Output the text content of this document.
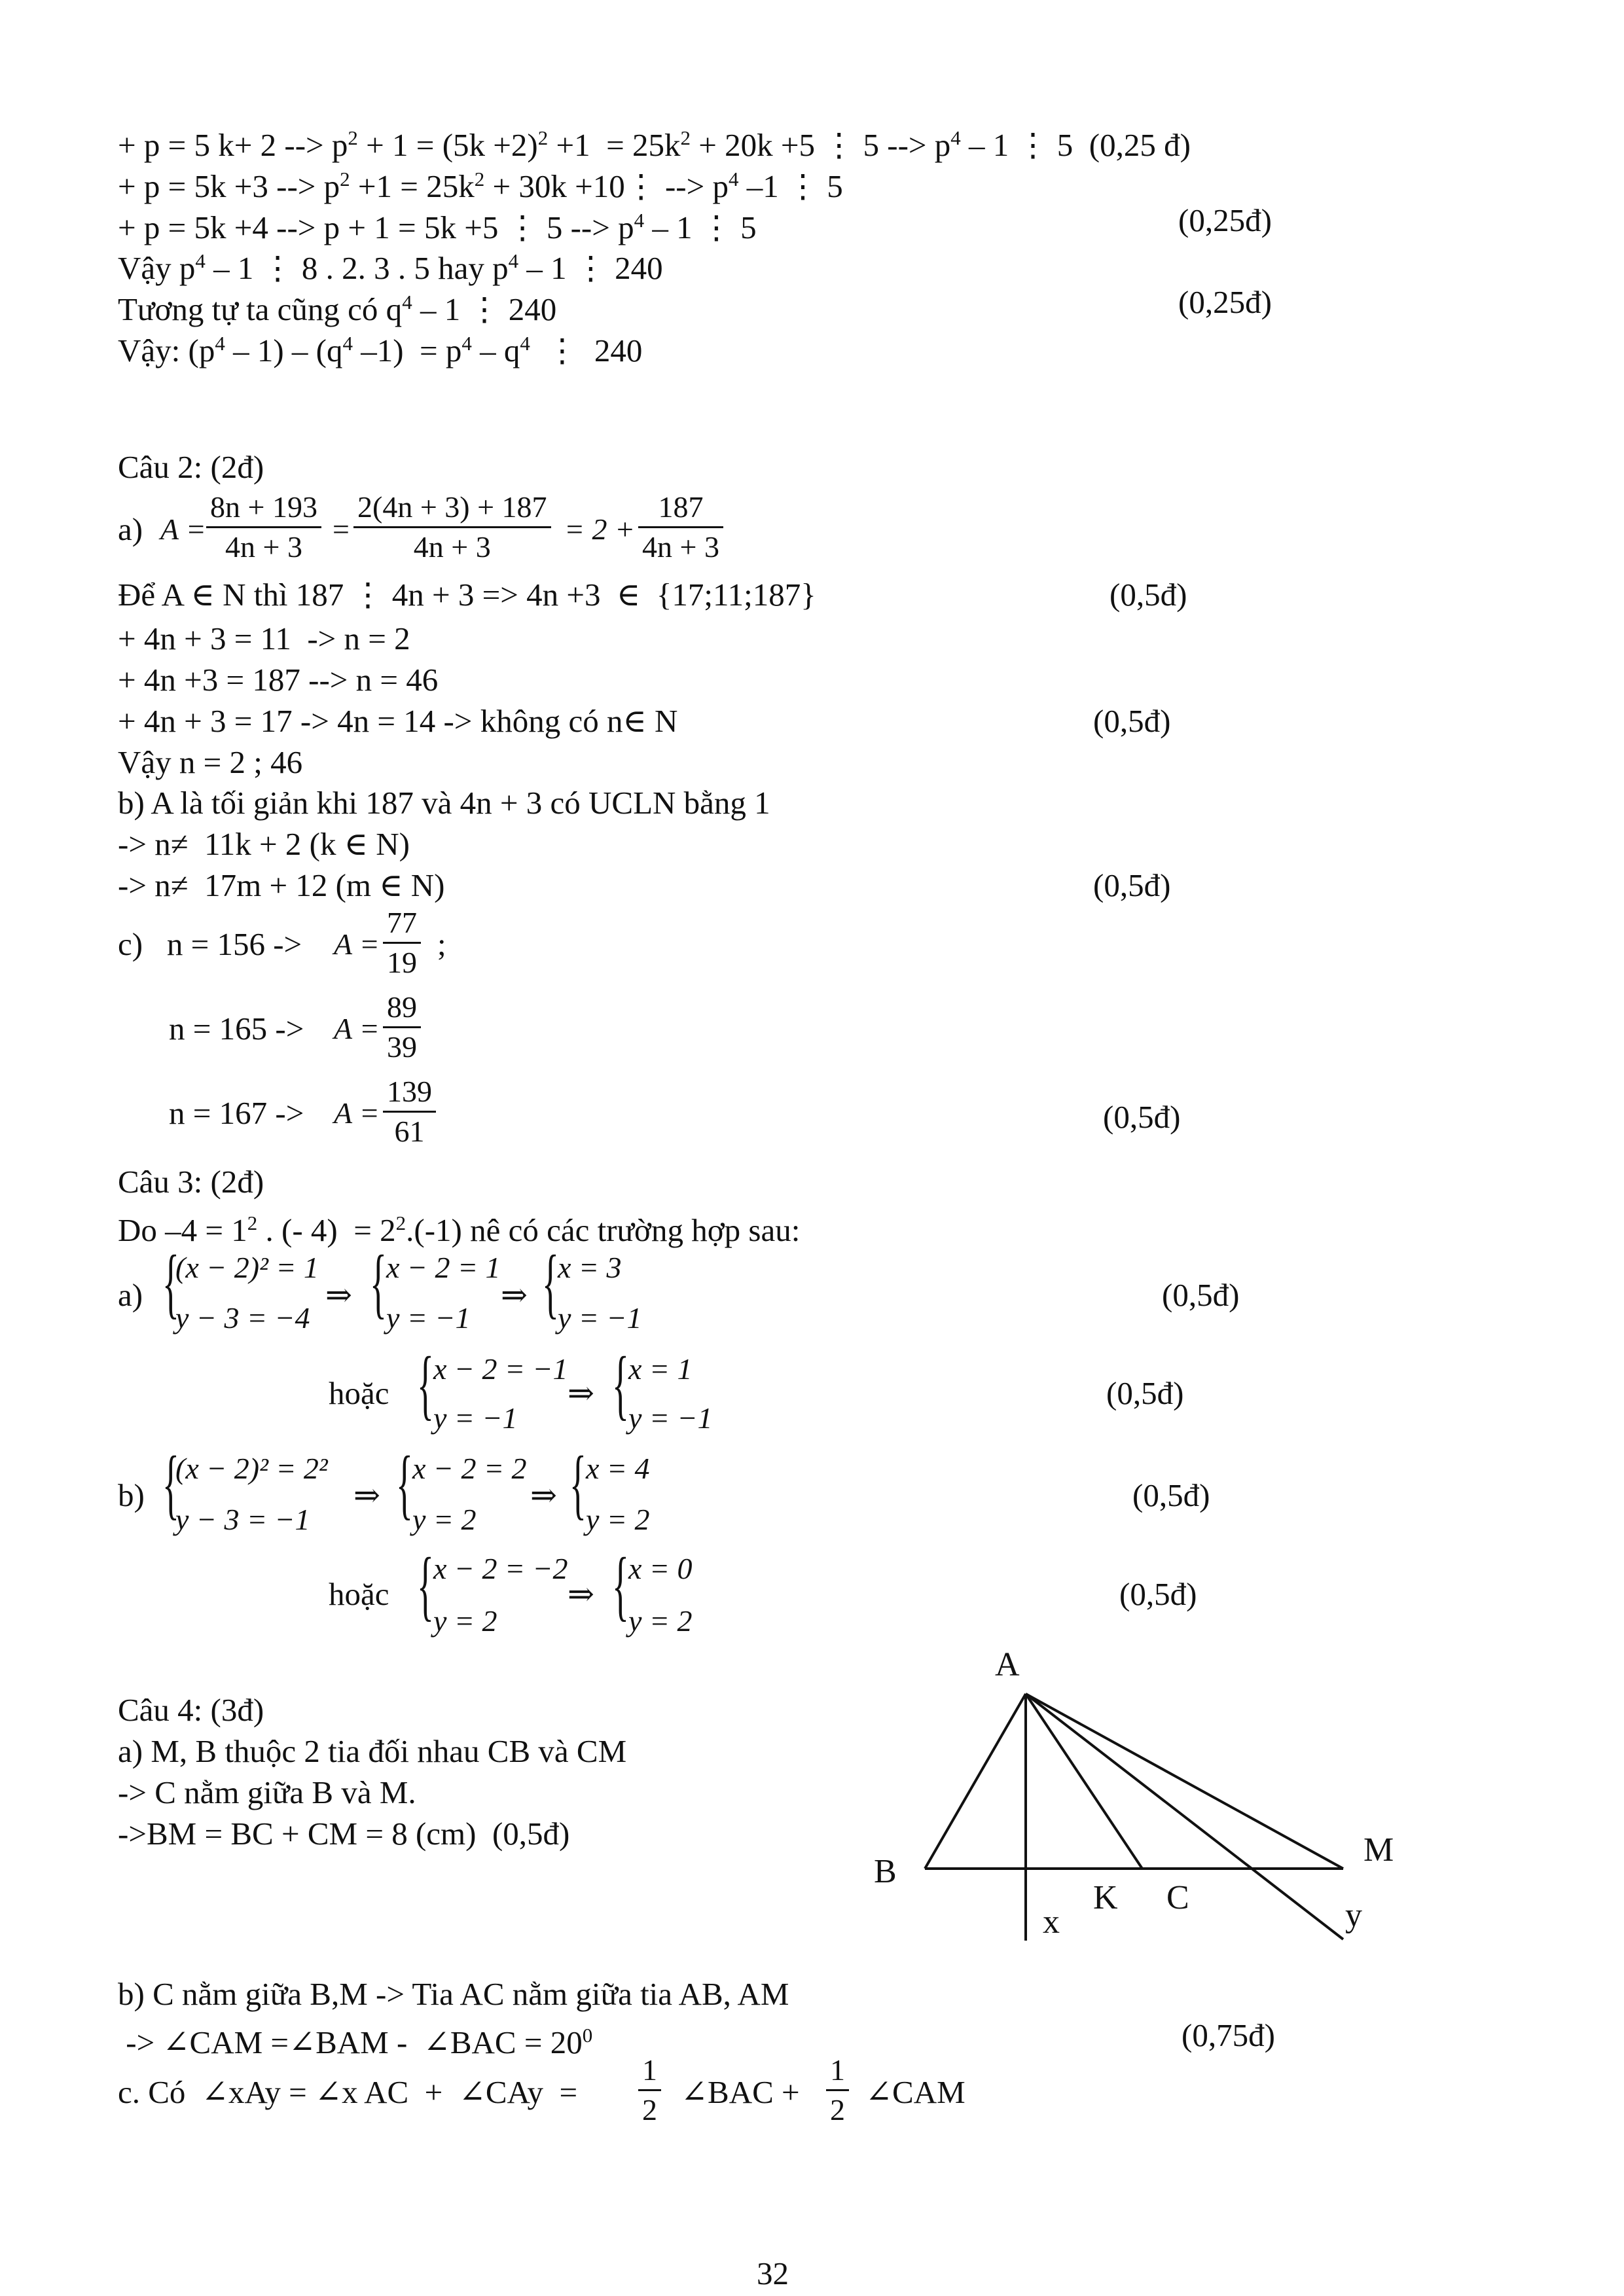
+ p = 5 k+ 2 --> $p^2 + 1 = (5k +2)^2 +1 = 25k^2 + 20k +5$ ⋮ 5 --> $p^4 - 1$ ⋮ 5  (0,25 đ)
+ p = 5k +3 --> $p^2 +1 = 25k^2 + 30k$ +10⋮ --> $p^4$ –1 ⋮ 5
+ p = 5k +4 --> p + 1 = 5k +5 ⋮ 5 --> $p^4 - 1$ ⋮ 5	(0,25đ)
Vậy $p^4 - 1$ ⋮ 8 . 2. 3 . 5 hay $p^4 - 1$ ⋮ 240
Tương tự ta cũng có $q^4 - 1$ ⋮ 240	(0,25đ)
Vậy: $(p^4 - 1) - (q^4$ $-1) = p^4 - q^4$  ⋮  240
Câu 2: (2đ)
a) $A = \frac{8n + 193}{4n + 3} = \frac{2(4n + 3) + 187}{4n + 3} = 2 + \frac{187}{4n + 3}$
Để A ∈ N thì 187 ⋮ 4n + 3 => 4n +3  ∈  {17;11;187}	(0,5đ)
+ 4n + 3 = 11  -> n = 2
+ 4n +3 = 187 --> n = 46
+ 4n + 3 = 17 -> 4n = 14 -> không có n∈ N	(0,5đ)
Vậy n = 2 ; 46
b) A là tối giản khi 187 và 4n + 3 có UCLN bằng 1
-> n≠  11k + 2 (k ∈ N)
-> n≠  17m + 12 (m ∈ N)	(0,5đ)
c)   $n = 156 -> A = \frac{77}{19}$ ;
$n = 165 -> A = \frac{89}{39}$
$n = 167 -> A = \frac{139}{61}$	(0,5đ)
Câu 3: (2đ)
Do $-4 = 1^2$ . (- $4) = 2^2.(-1)$ nê có các trường hợp sau:
a) {
(x − 2)² = 1
y − 3 = −4
⇒ { x − 2 = 1
y = −1
⇒ {
x = 3
y = −1
(0,5đ)
hoặc { x − 2 = −1
y = −1
⇒ { x = 1
y = −1
(0,5đ)
b) {
(x − 2)² = 2²
y − 3 = −1
⇒ { x − 2 = 2
y = 2
⇒ { x = 4
y = 2
(0,5đ)
hoặc { x − 2 = −2
y = 2
⇒ { x = 0
y = 2
(0,5đ)
Câu 4: (3đ)
a) M, B thuộc 2 tia đối nhau CB và CM
-> C nằm giữa B và M.
->BM = BC + CM = 8 (cm)  (0,5đ)
A
B
K C
M
x	y
b) C nằm giữa B,M -> Tia AC nằm giữa tia AB, AM
-> ∠CAM =∠BAM -  ∠BAC = $20^0$	(0,75đ)
c. Có  ∠xAy = ∠x AC  +  ∠CAy  = $\frac{1}{2}$ ∠BAC + $\frac{1}{2}$ ∠CAM
32
